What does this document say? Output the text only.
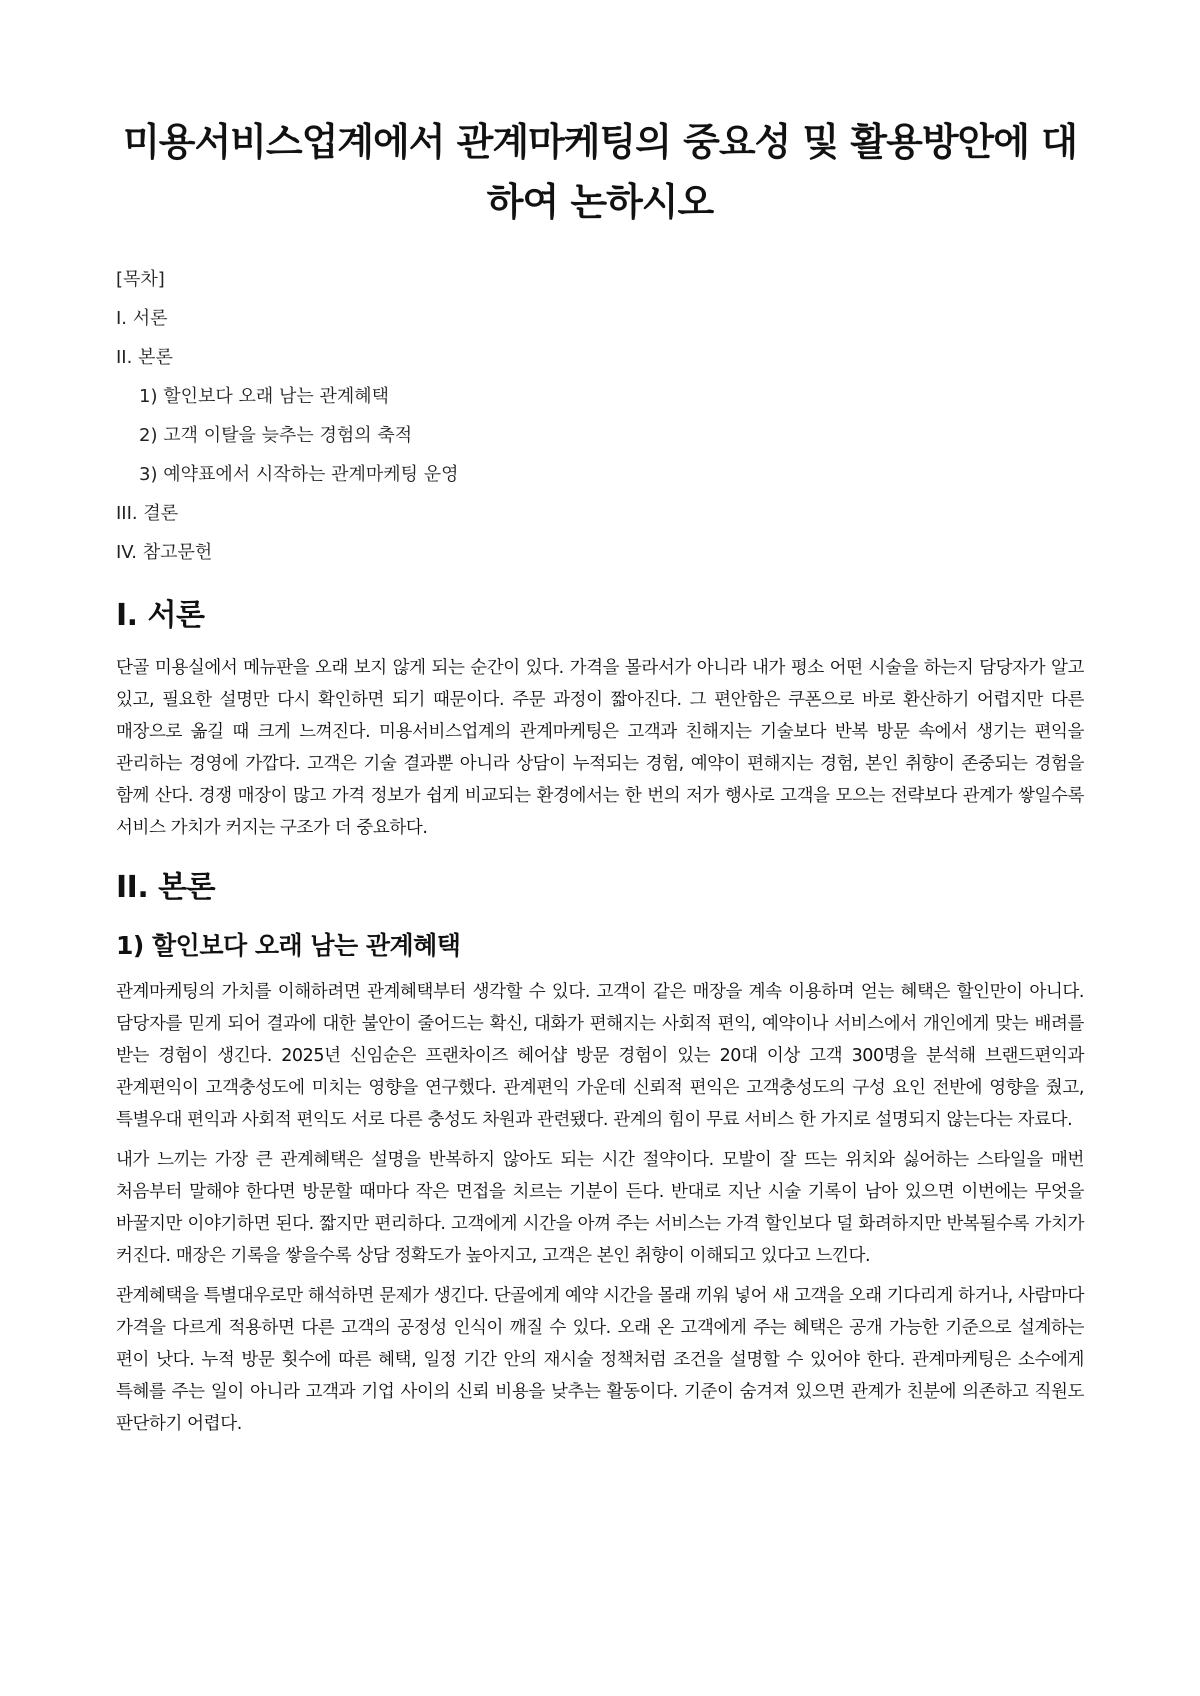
미용서비스업계에서 관계마케팅의 중요성 및 활용방안에 대하여 논하시오
[목차]
I. 서론
II. 본론
1) 할인보다 오래 남는 관계혜택
2) 고객 이탈을 늦추는 경험의 축적
3) 예약표에서 시작하는 관계마케팅 운영
III. 결론
IV. 참고문헌
I. 서론

단골 미용실에서 메뉴판을 오래 보지 않게 되는 순간이 있다. 가격을 몰라서가 아니라 내가 평소 어떤 시술을 하는지 담당자가 알고 있고, 필요한 설명만 다시 확인하면 되기 때문이다. 주문 과정이 짧아진다. 그 편안함은 쿠폰으로 바로 환산하기 어렵지만 다른 매장으로 옮길 때 크게 느껴진다. 미용서비스업계의 관계마케팅은 고객과 친해지는 기술보다 반복 방문 속에서 생기는 편익을 관리하는 경영에 가깝다. 고객은 기술 결과뿐 아니라 상담이 누적되는 경험, 예약이 편해지는 경험, 본인 취향이 존중되는 경험을 함께 산다. 경쟁 매장이 많고 가격 정보가 쉽게 비교되는 환경에서는 한 번의 저가 행사로 고객을 모으는 전략보다 관계가 쌓일수록 서비스 가치가 커지는 구조가 더 중요하다.

II. 본론
1) 할인보다 오래 남는 관계혜택

관계마케팅의 가치를 이해하려면 관계혜택부터 생각할 수 있다. 고객이 같은 매장을 계속 이용하며 얻는 혜택은 할인만이 아니다. 담당자를 믿게 되어 결과에 대한 불안이 줄어드는 확신, 대화가 편해지는 사회적 편익, 예약이나 서비스에서 개인에게 맞는 배려를 받는 경험이 생긴다. 2025년 신임순은 프랜차이즈 헤어샵 방문 경험이 있는 20대 이상 고객 300명을 분석해 브랜드편익과 관계편익이 고객충성도에 미치는 영향을 연구했다. 관계편익 가운데 신뢰적 편익은 고객충성도의 구성 요인 전반에 영향을 줬고, 특별우대 편익과 사회적 편익도 서로 다른 충성도 차원과 관련됐다. 관계의 힘이 무료 서비스 한 가지로 설명되지 않는다는 자료다.

내가 느끼는 가장 큰 관계혜택은 설명을 반복하지 않아도 되는 시간 절약이다. 모발이 잘 뜨는 위치와 싫어하는 스타일을 매번 처음부터 말해야 한다면 방문할 때마다 작은 면접을 치르는 기분이 든다. 반대로 지난 시술 기록이 남아 있으면 이번에는 무엇을 바꿀지만 이야기하면 된다. 짧지만 편리하다. 고객에게 시간을 아껴 주는 서비스는 가격 할인보다 덜 화려하지만 반복될수록 가치가 커진다. 매장은 기록을 쌓을수록 상담 정확도가 높아지고, 고객은 본인 취향이 이해되고 있다고 느낀다.

관계혜택을 특별대우로만 해석하면 문제가 생긴다. 단골에게 예약 시간을 몰래 끼워 넣어 새 고객을 오래 기다리게 하거나, 사람마다 가격을 다르게 적용하면 다른 고객의 공정성 인식이 깨질 수 있다. 오래 온 고객에게 주는 혜택은 공개 가능한 기준으로 설계하는 편이 낫다. 누적 방문 횟수에 따른 혜택, 일정 기간 안의 재시술 정책처럼 조건을 설명할 수 있어야 한다. 관계마케팅은 소수에게 특혜를 주는 일이 아니라 고객과 기업 사이의 신뢰 비용을 낮추는 활동이다. 기준이 숨겨져 있으면 관계가 친분에 의존하고 직원도 판단하기 어렵다.
